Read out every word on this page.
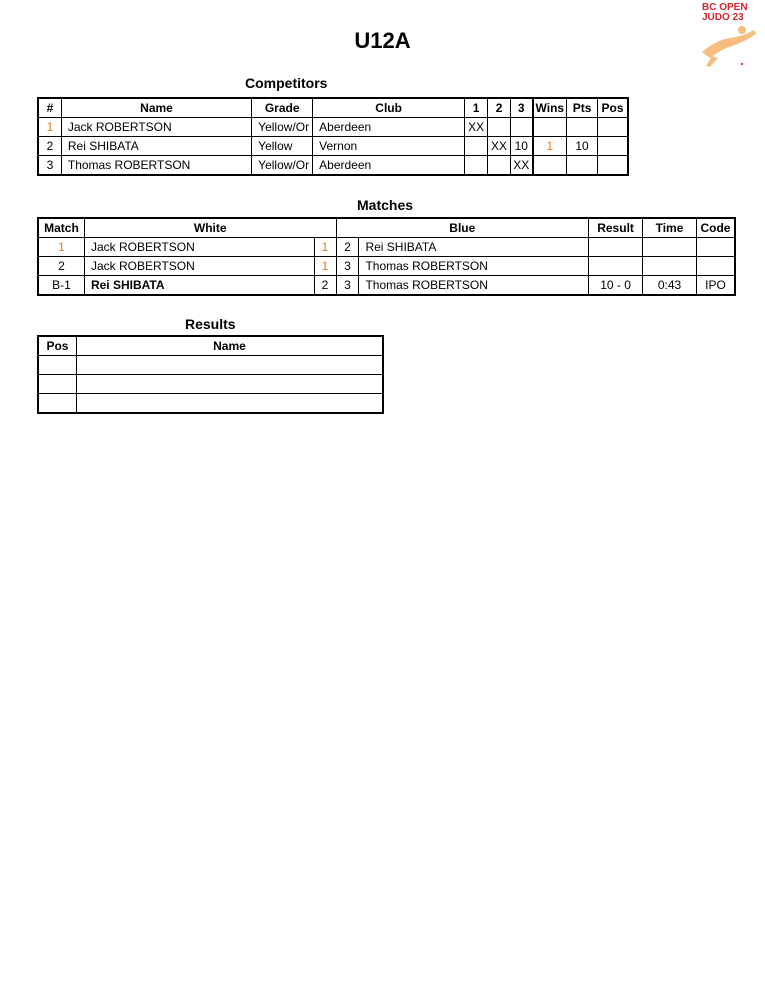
BC OPEN
JUDO 23
U12A
Competitors
#	Name	Grade	Club	1	2	3	Wins	Pts	Pos
1	Jack ROBERTSON	Yellow/Or	Aberdeen	XX					
2	Rei SHIBATA	Yellow	Vernon		XX	10	1	10	
3	Thomas ROBERTSON	Yellow/Or	Aberdeen			XX			
Matches
Match	White		Blue		Result	Time	Code
1	Jack ROBERTSON	1	2	Rei SHIBATA			
2	Jack ROBERTSON	1	3	Thomas ROBERTSON			
B-1	Rei SHIBATA	2	3	Thomas ROBERTSON	10 - 0	0:43	IPO
Results
Pos	Name
